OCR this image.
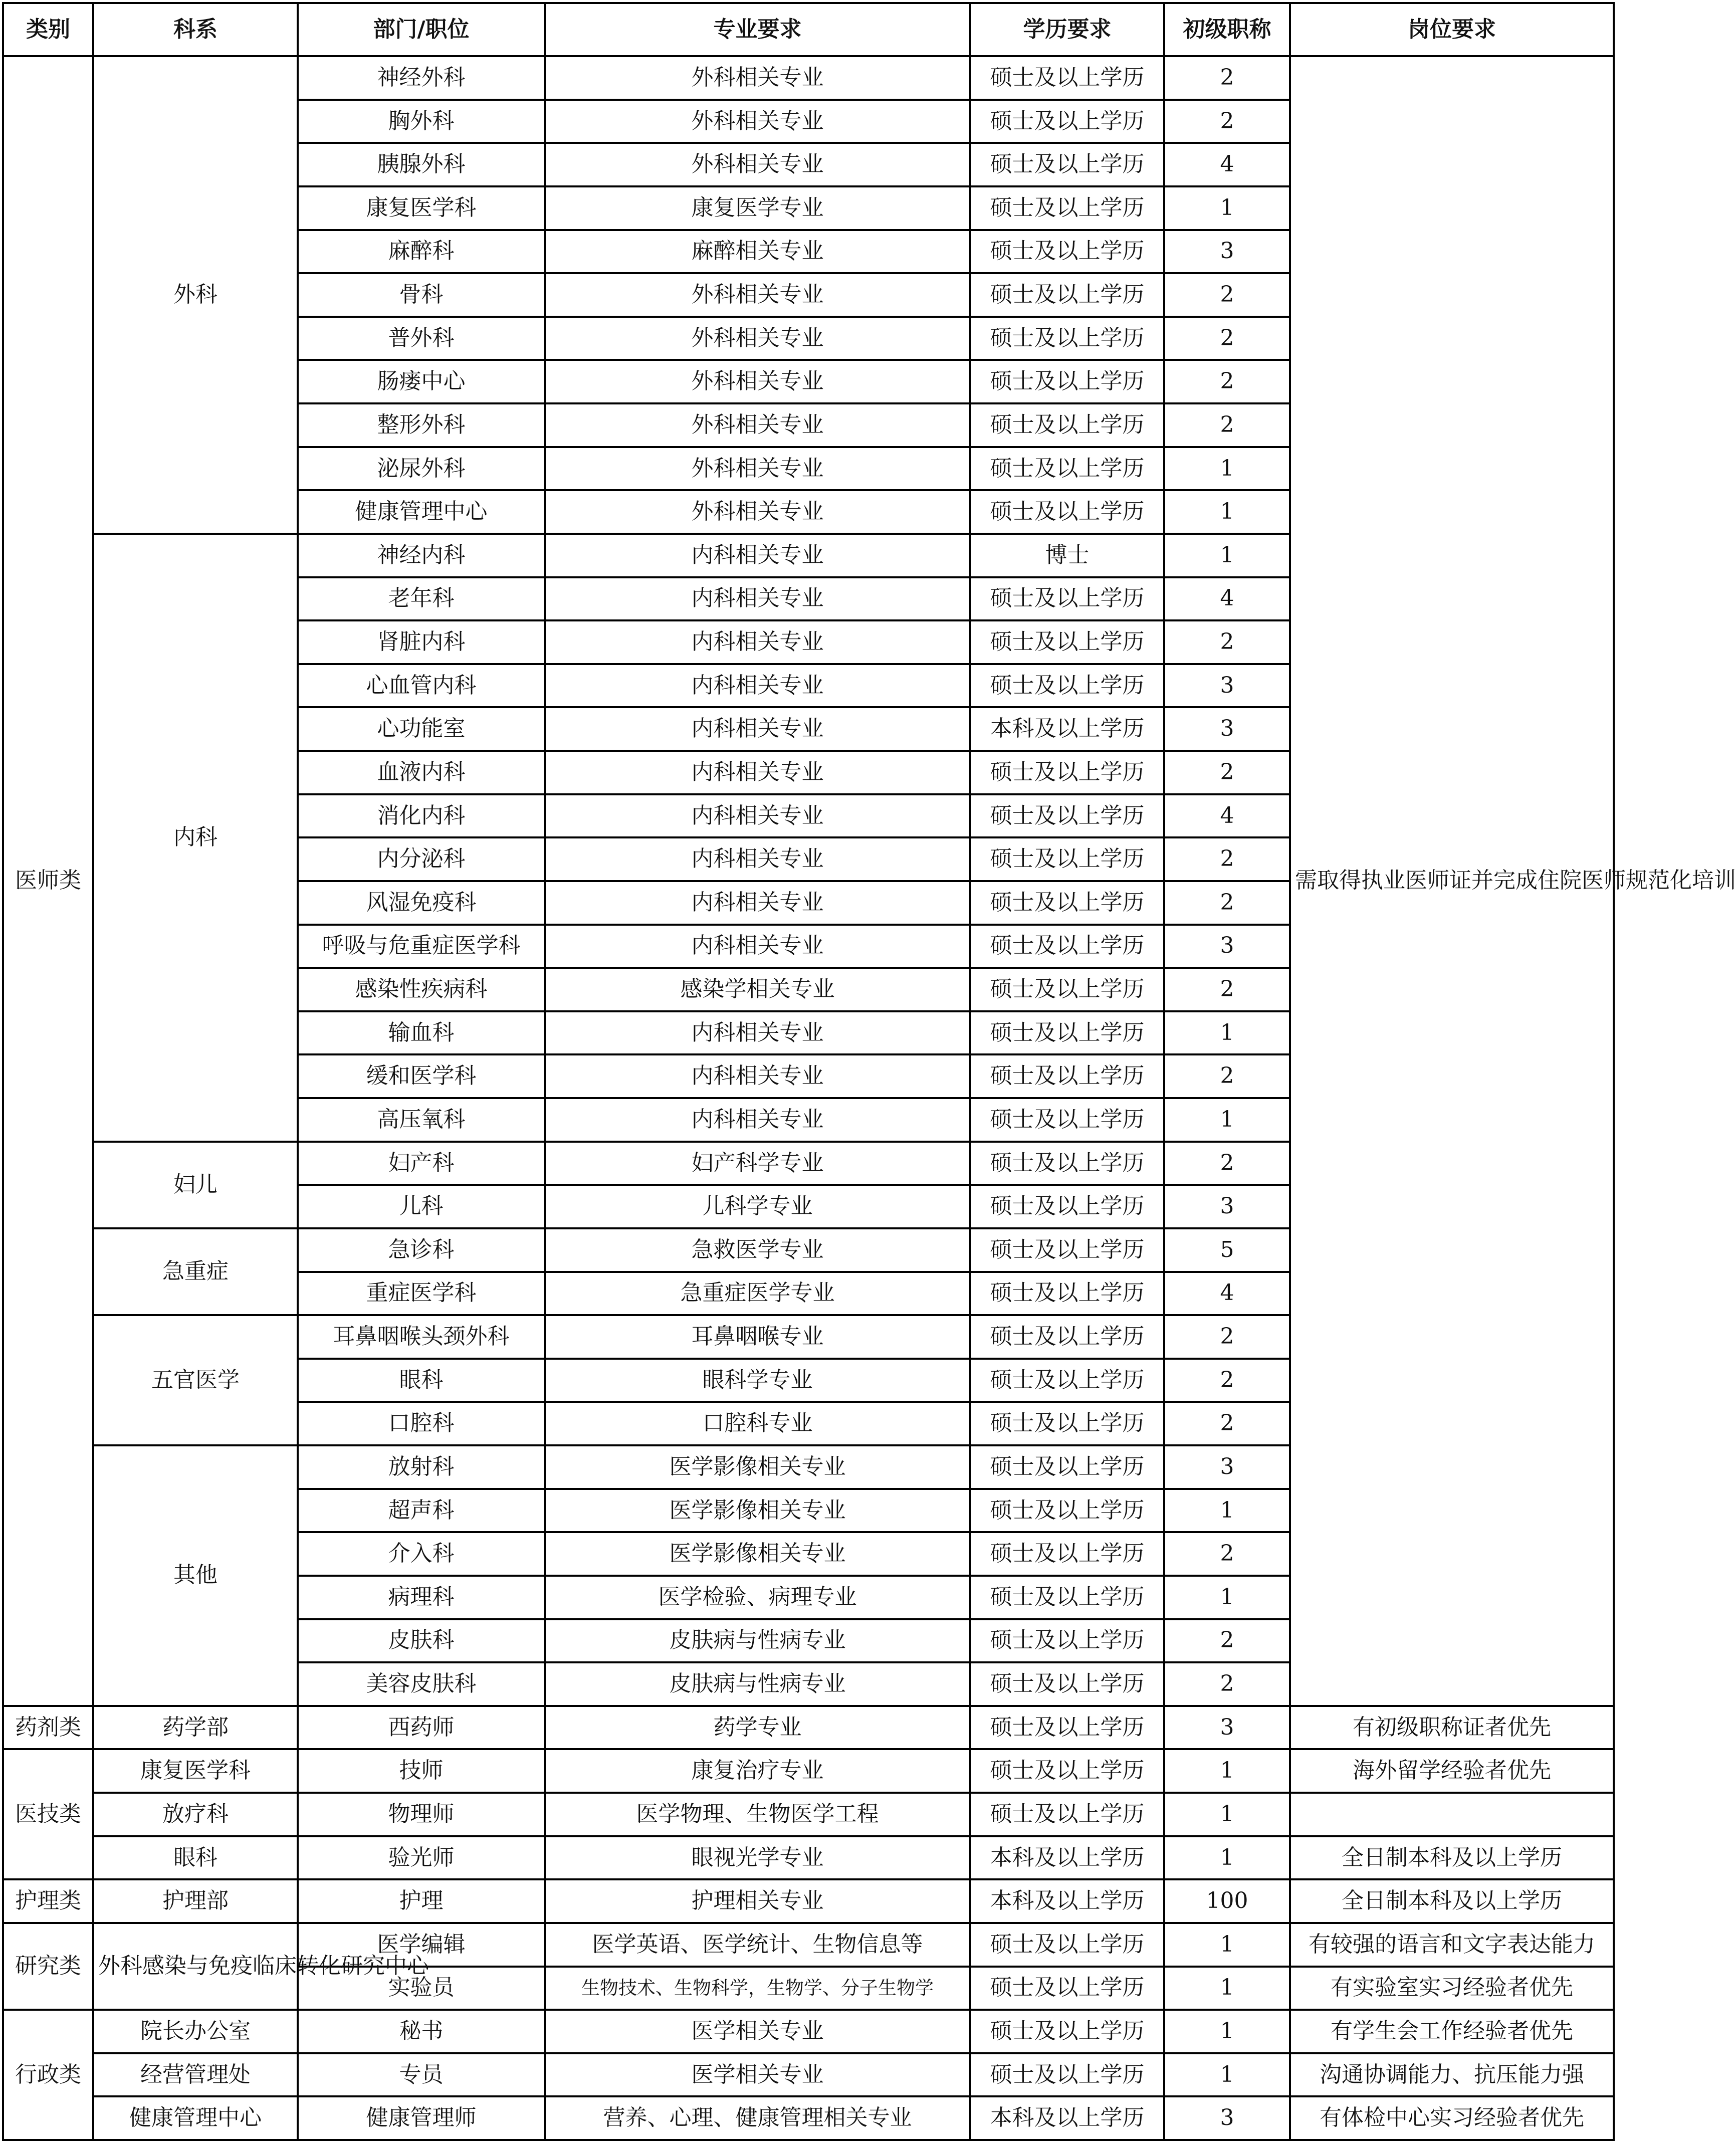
类别	科系	部门/职位	专业要求	学历要求	初级职称	岗位要求
医师类	外科	神经外科	外科相关专业	硕士及以上学历	2	需取得执业医师证并完成住院医师规范化培训
		胸外科	外科相关专业	硕士及以上学历	2	
		胰腺外科	外科相关专业	硕士及以上学历	4	
		康复医学科	康复医学专业	硕士及以上学历	1	
		麻醉科	麻醉相关专业	硕士及以上学历	3	
		骨科	外科相关专业	硕士及以上学历	2	
		普外科	外科相关专业	硕士及以上学历	2	
		肠瘘中心	外科相关专业	硕士及以上学历	2	
		整形外科	外科相关专业	硕士及以上学历	2	
		泌尿外科	外科相关专业	硕士及以上学历	1	
		健康管理中心	外科相关专业	硕士及以上学历	1	
	内科	神经内科	内科相关专业	博士	1	
		老年科	内科相关专业	硕士及以上学历	4	
		肾脏内科	内科相关专业	硕士及以上学历	2	
		心血管内科	内科相关专业	硕士及以上学历	3	
		心功能室	内科相关专业	本科及以上学历	3	
		血液内科	内科相关专业	硕士及以上学历	2	
		消化内科	内科相关专业	硕士及以上学历	4	
		内分泌科	内科相关专业	硕士及以上学历	2	
		风湿免疫科	内科相关专业	硕士及以上学历	2	
		呼吸与危重症医学科	内科相关专业	硕士及以上学历	3	
		感染性疾病科	感染学相关专业	硕士及以上学历	2	
		输血科	内科相关专业	硕士及以上学历	1	
		缓和医学科	内科相关专业	硕士及以上学历	2	
		高压氧科	内科相关专业	硕士及以上学历	1	
	妇儿	妇产科	妇产科学专业	硕士及以上学历	2	
		儿科	儿科学专业	硕士及以上学历	3	
	急重症	急诊科	急救医学专业	硕士及以上学历	5	
		重症医学科	急重症医学专业	硕士及以上学历	4	
	五官医学	耳鼻咽喉头颈外科	耳鼻咽喉专业	硕士及以上学历	2	
		眼科	眼科学专业	硕士及以上学历	2	
		口腔科	口腔科专业	硕士及以上学历	2	
	其他	放射科	医学影像相关专业	硕士及以上学历	3	
		超声科	医学影像相关专业	硕士及以上学历	1	
		介入科	医学影像相关专业	硕士及以上学历	2	
		病理科	医学检验、病理专业	硕士及以上学历	1	
		皮肤科	皮肤病与性病专业	硕士及以上学历	2	
		美容皮肤科	皮肤病与性病专业	硕士及以上学历	2	
药剂类	药学部	西药师	药学专业	硕士及以上学历	3	有初级职称证者优先
医技类	康复医学科	技师	康复治疗专业	硕士及以上学历	1	海外留学经验者优先
	放疗科	物理师	医学物理、生物医学工程	硕士及以上学历	1	
	眼科	验光师	眼视光学专业	本科及以上学历	1	全日制本科及以上学历
护理类	护理部	护理	护理相关专业	本科及以上学历	100	全日制本科及以上学历
研究类	外科感染与免疫临床转化研究中心	医学编辑	医学英语、医学统计、生物信息等	硕士及以上学历	1	有较强的语言和文字表达能力
		实验员	生物技术、生物科学，生物学、分子生物学	硕士及以上学历	1	有实验室实习经验者优先
行政类	院长办公室	秘书	医学相关专业	硕士及以上学历	1	有学生会工作经验者优先
	经营管理处	专员	医学相关专业	硕士及以上学历	1	沟通协调能力、抗压能力强
	健康管理中心	健康管理师	营养、心理、健康管理相关专业	本科及以上学历	3	有体检中心实习经验者优先
